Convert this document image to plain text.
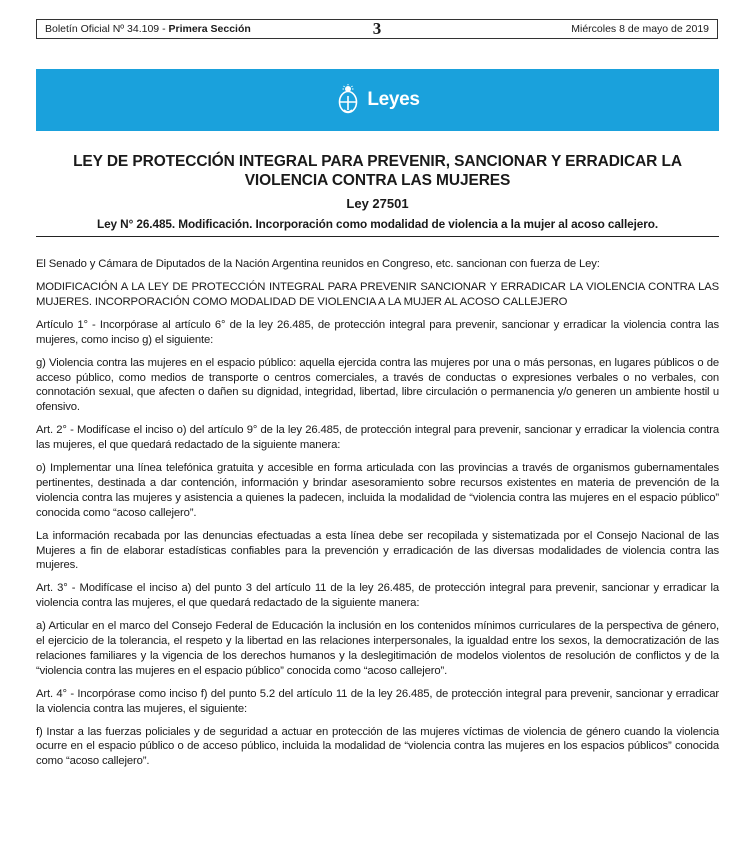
Boletín Oficial Nº 34.109 - Primera Sección	3	Miércoles 8 de mayo de 2019
Leyes
LEY DE PROTECCIÓN INTEGRAL PARA PREVENIR, SANCIONAR Y ERRADICAR LA VIOLENCIA CONTRA LAS MUJERES
Ley 27501
Ley N° 26.485. Modificación. Incorporación como modalidad de violencia a la mujer al acoso callejero.

El Senado y Cámara de Diputados de la Nación Argentina reunidos en Congreso, etc. sancionan con fuerza de Ley:

MODIFICACIÓN A LA LEY DE PROTECCIÓN INTEGRAL PARA PREVENIR SANCIONAR Y ERRADICAR LA VIOLENCIA CONTRA LAS MUJERES. INCORPORACIÓN COMO MODALIDAD DE VIOLENCIA A LA MUJER AL ACOSO CALLEJERO

Artículo 1° - Incorpórase al artículo 6° de la ley 26.485, de protección integral para prevenir, sancionar y erradicar la violencia contra las mujeres, como inciso g) el siguiente:

g) Violencia contra las mujeres en el espacio público: aquella ejercida contra las mujeres por una o más personas, en lugares públicos o de acceso público, como medios de transporte o centros comerciales, a través de conductas o expresiones verbales o no verbales, con connotación sexual, que afecten o dañen su dignidad, integridad, libertad, libre circulación o permanencia y/o generen un ambiente hostil u ofensivo.

Art. 2° - Modifícase el inciso o) del artículo 9° de la ley 26.485, de protección integral para prevenir, sancionar y erradicar la violencia contra las mujeres, el que quedará redactado de la siguiente manera:

o) Implementar una línea telefónica gratuita y accesible en forma articulada con las provincias a través de organismos gubernamentales pertinentes, destinada a dar contención, información y brindar asesoramiento sobre recursos existentes en materia de prevención de la violencia contra las mujeres y asistencia a quienes la padecen, incluida la modalidad de “violencia contra las mujeres en el espacio público” conocida como “acoso callejero”.

La información recabada por las denuncias efectuadas a esta línea debe ser recopilada y sistematizada por el Consejo Nacional de las Mujeres a fin de elaborar estadísticas confiables para la prevención y erradicación de las diversas modalidades de violencia contra las mujeres.

Art. 3° - Modifícase el inciso a) del punto 3 del artículo 11 de la ley 26.485, de protección integral para prevenir, sancionar y erradicar la violencia contra las mujeres, el que quedará redactado de la siguiente manera:

a) Articular en el marco del Consejo Federal de Educación la inclusión en los contenidos mínimos curriculares de la perspectiva de género, el ejercicio de la tolerancia, el respeto y la libertad en las relaciones interpersonales, la igualdad entre los sexos, la democratización de las relaciones familiares y la vigencia de los derechos humanos y la deslegitimación de modelos violentos de resolución de conflictos y de la “violencia contra las mujeres en el espacio público” conocida como “acoso callejero”.

Art. 4° - Incorpórase como inciso f) del punto 5.2 del artículo 11 de la ley 26.485, de protección integral para prevenir, sancionar y erradicar la violencia contra las mujeres, el siguiente:

f) Instar a las fuerzas policiales y de seguridad a actuar en protección de las mujeres víctimas de violencia de género cuando la violencia ocurre en el espacio público o de acceso público, incluida la modalidad de “violencia contra las mujeres en los espacios públicos” conocida como “acoso callejero”.
